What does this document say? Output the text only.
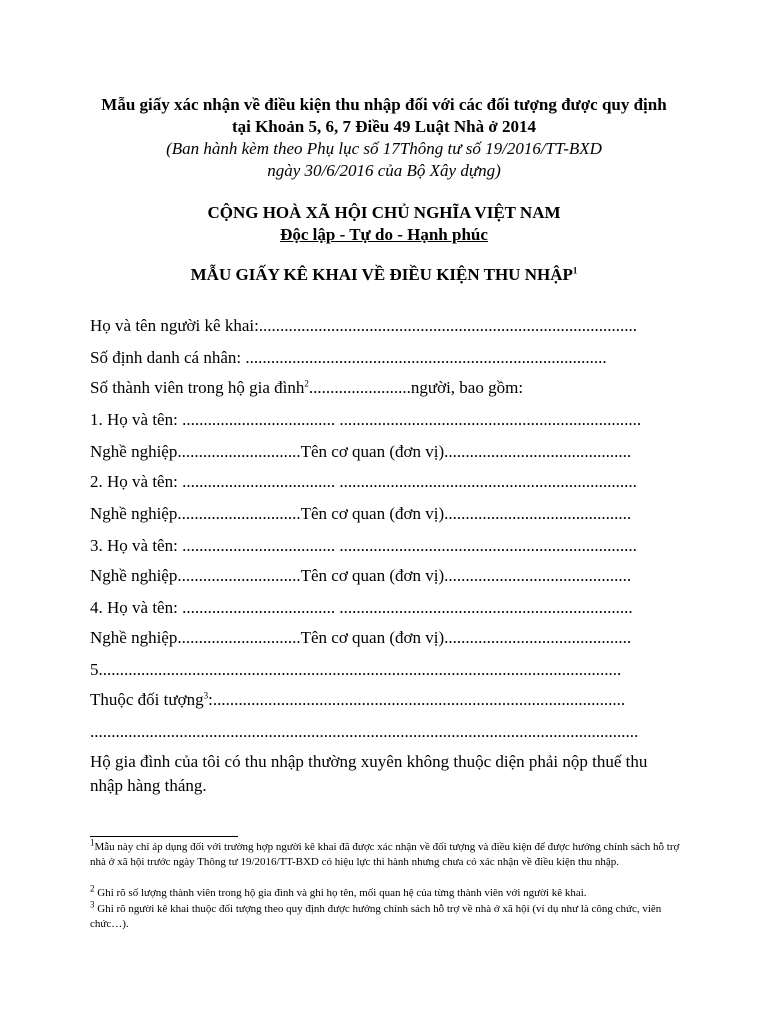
Mẫu giấy xác nhận về điều kiện thu nhập đối với các đối tượng được quy định
tại Khoản 5, 6, 7 Điều 49 Luật Nhà ở 2014
(Ban hành kèm theo Phụ lục số 17Thông tư số 19/2016/TT-BXD
ngày 30/6/2016 của Bộ Xây dựng)
CỘNG HOÀ XÃ HỘI CHỦ NGHĨA VIỆT NAM
Độc lập - Tự do - Hạnh phúc
MẪU GIẤY KÊ KHAI VỀ ĐIỀU KIỆN THU NHẬP$^1$
Họ và tên người kê khai:.........................................................................................
Số định danh cá nhân: .....................................................................................
Số thành viên trong hộ gia đình$^2$........................người, bao gồm:
1. Họ và tên: .................................... .......................................................................
Nghề nghiệp.............................Tên cơ quan (đơn vị)............................................
2. Họ và tên: .................................... ......................................................................
Nghề nghiệp.............................Tên cơ quan (đơn vị)............................................
3. Họ và tên: .................................... ......................................................................
Nghề nghiệp.............................Tên cơ quan (đơn vị)............................................
4. Họ và tên: .................................... .....................................................................
Nghề nghiệp.............................Tên cơ quan (đơn vị)............................................
5...........................................................................................................................
Thuộc đối tượng$^3$:.................................................................................................
.................................................................................................................................
Hộ gia đình của tôi có thu nhập thường xuyên không thuộc diện phải nộp thuế thu nhập hàng tháng.
$^1$Mẫu này chỉ áp dụng đối với trường hợp người kê khai đã được xác nhận về đối tượng và điều kiện để được hưởng chính sách hỗ trợ nhà ở xã hội trước ngày Thông tư 19/2016/TT-BXD có hiệu lực thi hành nhưng chưa có xác nhận về điều kiện thu nhập.
$^2$ Ghi rõ số lượng thành viên trong hộ gia đình và ghi họ tên, mối quan hệ của từng thành viên với người kê khai.
$^3$ Ghi rõ người kê khai thuộc đối tượng theo quy định được hưởng chính sách hỗ trợ về nhà ở xã hội (ví dụ như là công chức, viên chức…).
